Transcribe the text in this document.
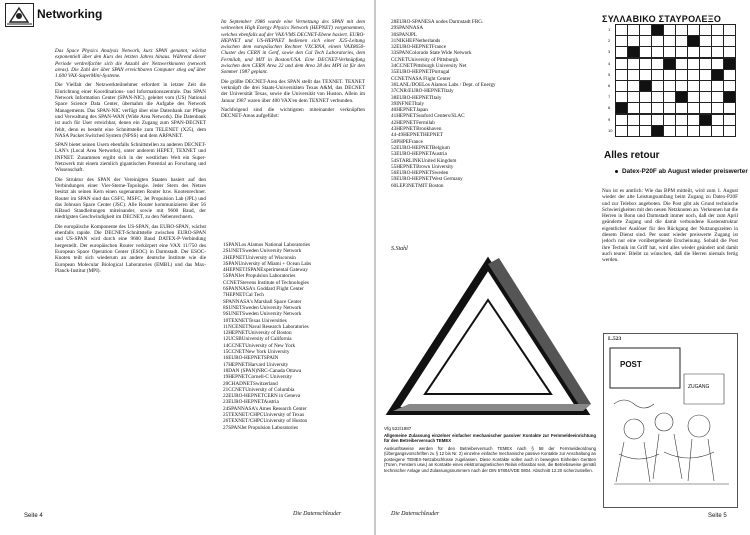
Networking

Das Space Physics Analysis Network, kurz SPAN genannt, wächst exponentiell über den Kurs des letzten Jahres hinaus. Während dieser Periode verdreifachte sich die Anzahl der Netzwerkknoten (network areas). Die Zahl der über SPAN erreichbaren Computer stieg auf über 1.600 VAX-SuperMini-Systeme.

Die Vielfalt der Netzwerkteilnehmer erfordert in letzter Zeit die Einrichtung einer Koordinations- und Informationszentrale. Das SPAN Network Information Center (SPAN-NIC), geleitet vom (US) National Space Science Data Center, übernahm die Aufgabe des Network Managements. Das SPAN-NIC verfügt über eine Datenbank zur Pflege und Verwaltung des SPAN-WAN (Wide Area Network). Die Datenbank ist auch für User erreichbar, denen ein Zugang zum SPAN-DECNET fehlt, denn es besteht eine Schnittstelle zum TELENET (X25), dem NASA Packet Switched System (NPSS) und dem ARPANET.

SPAN bietet seinen Usern ebenfalls Schnittstellen zu anderen DECNET-LAN's (Local Area Networks), unter anderem HEPET, TEXNET und INFNET. Zusammen ergibt sich in der westlichen Welt ein Super-Netzwerk mit einem ziemlich gigantischen Potential an Forschung und Wissenschaft.

Die Struktur des SPAN der Vereinigten Staaten basiert auf den Verbindungen einer Vier-Sterne-Topologie. Jeder Stern des Netzes besitzt als seinen Kern einen sogenannten Router bzw. Knotenrechner. Router im SPAN sind das GSFC, MSFC, Jet Propulsion Lab (JPL) und das Johnson Space Center (JSC). Alle Router kommunizieren über 56 KBaud Standleitungen miteinander, sowie mit 9600 Baud, der niedrigsten Geschwindigkeit im DECNET, zu den Nebenrechnern.

Die europäische Komponente des US-SPAN, das EURO-SPAN, wächst ebenfalls rapide. Die DECNET-Schnittstelle zwischen EURO-SPAN und US-SPAN wird durch eine 9600 Baud DATEX-P-Verbindung hergestellt. Der europäischen Router verkörpert eine VAX 11/750 des European Space Operation Center (ESOC) in Darmstadt. Der ESOC-Knoten teilt sich wiederum an andere deutsche Institute wie die European Molecular Biological Laboratories (EMBL) und das Max-Planck-Institut (MPI).

Im September 1986 wurde eine Vernetzung des SPAN mit dem weltweiten High Energy Physics Network (HEPNET) vorgenommen, welches ebenfalls auf der VAX/VMS DECNET-Ebene basiert. EURO-HEPNET und US-HEPNET bedienen sich einer X25-Leitung zwischen dem europäischen Rechner VXCRNA, einem VAX8650-Cluster des CERN in Genf, sowie den Cal Tech Laboratories, dem Fermilab, und MIT in Boston/USA. Eine DECNET-Verknüpfung zwischen dem CERN Area 22 und dem Area 28 des MPI ist für den Sommer 1987 geplant.

Die größte DECNET-Area des SPAN stellt das TEXNET. TEXNET verknüpft die drei Staats-Universitäten Texas A&M, das DECNET der Universität Texas, sowie die Universität von Huston. Allein im Januar 1987 waren über 400 VAX'en dem TEXNET verbunden.

Nachfolgend sind die wichtigsten miteinander verknüpften DECNET-Areas aufgeführt:

1SPANLos Alamos National Laboratories
2SUNETSweden University Network
2HEPNETUniversity of Wisconsin
3SPANUniversity of Miami + Ocean Labs
4HEPNETJSPANExperimental Gateway
5SPANJet Propulsion Laboratories
CCNETStevens Institute of Technologies
6SPANNASA's Goddard Flight Center
7HEPNETCal Tech
SPANNASA's Marshall Space Center
8SUNETSweden University Network
9SUNETSweden University Network
10TEXNETTexas Universities
11NCENETNaval Research Laboratories
12HEPNETUniversity of Boston
12UCSBUniversity of California
14CCNETUniversity of New York
15CCNETNew York University
16EURO-HEPNETSPAIN
17HEPNETHarvard University
18DAN (SPAN)NRC-Canada Ottawa
19HEPNETCornell-C University
20CHADNETSwitzerland
21CCNETUniversity of Columbia
22EURO-HEPNETCERN in Geneva
23EURO-HEPNETAustria
24SPANNASA's Ames Research Center
25TEXNET/CHPCUniversity of Texas
26TEXNET/CHPCUniversity of Huston
27SPANJet Propulsion Laboratories
Seite 4	Die Datenschleuder
28EURO-SPANESA nodes Darmstadt FRG.
29SPANNASA
30SPANJPL
31NIKHEFNetherlands
32EURO-HEPNETFrance
33SPANColorado State Wide Network
CCNETUniversity of Pittsburgh
34CCNETPittsburgh University Net
35EURO-HEPNETPortugal
CCNETNASA Flight Center
36LANL/DOELos Alamos Labs / Dept. of Energy
37CNR/EURO-HEPNETItaly
38EURO-HEPNETItaly
39INFNETItaly
40HEPNETJapan
41HEPNETSunford Centers/SLAC
42HEPNETFermilab
43HEPNETBrookhaven
44-49HEPNETHEPNET
50PHPEFrance
52EURO-HEPNETBelgium
53EURO-HEPNETAustria
54STARLINKUnited Kingdom
55HEPNETBrown University
56EURO-HEPNETSweden
59EURO-HEPNETWest Germany
60LEP3NETMIT Boston
S.Stahl
Vfg 522/1987
Allgemeine Zulassung einzelner einfacher mechanischer passiver Kontakte zur Fernmeldeeinrichtung für den Betreiberversuch TEMEX
Auskunftsweise werden für den Betreiberversuch TEMEX nach § 58 der Fernmeldeordnung (Übergangsvorschriften zu § 12 bis Nr. 2) einzelne einfache mechanische passive Kontakte zur Anschaltung an posteigene TEMEX-Netzabschlüsse zugelassen. Diese Kontakte sollen auch in bewegten Einheiten Geräten (Türen, Fenstern usw.) an Kontakte eines elektromagnetischen Relais erfassbar sein, die Betriebsweise gemäß technischer Anlage und Zulassungsnummern nach der DIN 57804/VDE 0804. Abschnitt 12.20 sicherzustellen.
Die Datenschleuder
ΣΥΛΛΑΒΙΚΟ ΣΤΑΥΡΟΛΕΞΟ
1
2
3
4
5
6
7
8
9
10
Alles retour
Datex-P20F ab August wieder preiswerter
Nun ist es amtlich: Wie das BPM mitteilt, wird zum 1. August wieder der alte Leistungsumfang beim Zugang zu Datex-P20F und zur Telebox angeboten. Die Post gibt als Grund technische Schwierigkeiten mit den neuen Netzknoten an. Verkennen hat die Herren in Bonn und Darmstadt immer noch, daß der zum April geänderte Zugang und die damit verbundene Kostenstruktur eigentlicher Auslöser für den Rückgang der Nutzungszeiten in diesem Dienst sind. Per sonst wieder preiswerte Zugang ist jedoch nur eine vorübergehende Erscheinung. Sobald die Post ihre Technik im Griff hat, wird alles wieder geändert und damit auch teurer. Bleibt zu wünschen, daß die Herren niemals fertig werden.
L.523
POST
ZUGANG
Seite 5
